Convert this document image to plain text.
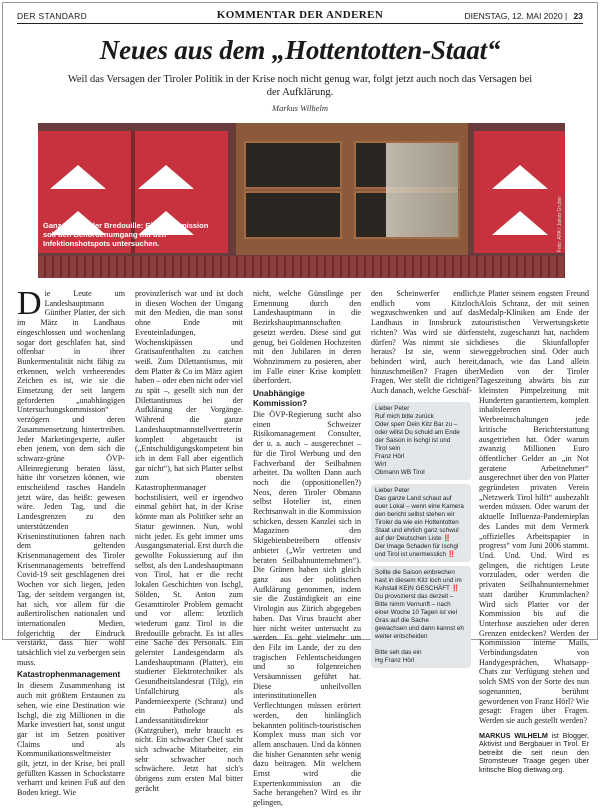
DER STANDARD	KOMMENTAR DER ANDEREN	DIENSTAG, 12. MAI 2020 | 23
Neues aus dem „Hottentotten-Staat“
Weil das Versagen der Tiroler Politik in der Krise noch nicht genug war, folgt jetzt auch noch das Versagen bei der Aufklärung.
Markus Wilhelm
Foto: APA / Jakob Gruber
Ganz Tirol in der Bredouille: Eine Kommission soll den Behördenumgang mit den Infektionshotspots untersuchen.

Die Leute um Landeshauptmann Günther Platter, der sich im März in Landhaus eingeschlossen und wochenlang sogar dort geschlafen hat, sind offenbar in ihrer Bunkermentalität nicht fähig zu erkennen, welch verheerendes Zeichen es ist, wie sie die Einsetzung der seit langem geforderten „unabhängigen Untersuchungskommission“ verzögern und deren Zusammensetzung hintertreiben. Jeder Marketingexperte, außer eben jenem, von dem sich die schwarz-grüne ÖVP-Alleinregierung beraten lässt, hätte ihr vorsetzen können, wie entscheidend rasches Handeln jetzt wäre, das heißt: gewesen wäre. Jeden Tag, und die Landesgrenzen zu den unterstützenden Kriseninstitutionen fahren nach dem geltenden Krisenmanagement des Tiroler Krisenmanagements betreffend Covid-19 seit geschlagenen drei Wochen vor sich liegen, jeden Tag, der seitdem vergangen ist, hat sich, vor allem für die außertirolischen nationalen und internationalen Medien, folgerichtig der Eindruck verstärkt, dass hier wohl tatsächlich viel zu verbergen sein muss.

Katastrophenmanagement

In diesem Zusammenhang ist auch mit größtem Erstaunen zu sehen, wie eine Destination wie Ischgl, die zig Millionen in die Marke investiert hat, sonst ungut gar ist im Setzen positiver Claims und als Kommunikationsweltmeister gilt, jetzt, in der Krise, bei prall gefüllten Kassen in Schockstarre verharrt und keinen Fuß auf den Boden kriegt. Wie

provinzlerisch war und ist doch in diesen Wochen der Umgang mit den Medien, die man sonst ohne Ende mit Eventeinladungen, Wochenskipässen und Gratisaufenthalten zu catchen weiß. Zum Dilettantismus, mit dem Platter & Co im März agiert haben – oder eben nicht oder viel zu spät –, gesellt sich nun der Dilettantismus bei der Aufklärung der Vorgänge. Während die ganze Landeshauptmannstellvertreterin komplett abgetaucht ist („Entschuldigungskompetent bin ich in dem Fall aber eigentlich gar nicht“), hat sich Platter selbst zum obersten Katastrophenmanager hochstilisiert, weil er irgendwo einmal gehört hat, in der Krise könnte man als Politiker sehr an Statur gewinnen. Nun, wohl nicht jeder. Es geht immer ums Ausgangsmaterial. Erst durch die gewollte Fokussierung auf ihn selbst, als den Landeshauptmann von Tirol, hat er die recht lokalen Geschichten von Ischgl, Sölden, St. Anton zum Gesamttiroler Problem gemacht und vor allem: letztlich wiederum ganz Tirol in die Bredouille gebracht. Es ist alles eine Sache des Personals. Ein gelernter Landesgendarm als Landeshauptmann (Platter), ein studierter Elektrotechniker als Gesundheitslandesrat (Tilg), ein Unfallchirurg als Pandemieexperte (Schranz) und ein Pathologe als Landessanitätsdirektor (Katzgruber), mehr braucht es nicht. Ein schwacher Chef sucht sich schwache Mitarbeiter, ein sehr schwacher noch schwächere. Jetzt hat sich's übrigens zum ersten Mal bitter gerächt

nicht, welche Günstlinge per Ernennung durch den Landeshauptmann in die Bezirkshauptmannschaften gesetzt werden. Diese sind gut genug, bei Goldenen Hochzeiten mit den Jubilaren in deren Wohnzimmern zu posieren, aber im Falle einer Krise komplett überfordert.

Unabhängige Kommission?

Die ÖVP-Regierung sucht also einen Schweizer Risikomanagement Consulter, der u. a. auch – ausgerechnet – für die Tirol Werbung und den Fachverband der Seilbahnen arbeitet. Da wollten Dann auch noch die (oppositionellen?) Neos, deren Tiroler Obmann selbst Hotelier ist, einen Rechtsanwalt in die Kommission schicken, dessen Kanzlei sich in Magazinen den Skigebietsbetreibern offensiv anbietet („Wir vertreten und beraten Seilbahnunternehmen“). Die Grünen haben sich gleich ganz aus der politischen Aufklärung genommen, indem sie die Zuständigkeit an eine Virologin aus Zürich abgegeben haben. Das Virus braucht aber hier nicht weiter untersucht zu werden. Es geht vielmehr um den Filz im Lande, der zu den tragischen Fehlentscheidungen und so folgenreichen Versäumnissen geführt hat. Diese unheilvollen interinstitutionellen Verflechtungen müssen erörtert werden, den hinlänglich bekannten politisch-touristischen Komplex muss man sich vor allem anschauen. Und da können die bisher Genannten sehr wenig dazu beitragen. Mit welchem Ernst wird die Expertenkommission an die Sache herangehen? Wird es ihr gelingen,

den Scheinwerfer endlich, endlich vom Kitzloch wegzuschwenken und auf das Landhaus in Innsbruck zu richten? Was wird sie dürfen dürfen? Was nimmt sie sich heraus? Ist sie, wenn sie behindert wird, auch bereit, hinzuschmeißen? Fragen über Fragen. Wer stellt die richtigen? Auch danach, welche Geschäf-

Lieber Peter
Ruf mich bitte zurück
Oder sperr Dein Kitz Bar zu –
oder willst Du schuld am Ende
der Saison in Ischgl ist und
Tirol sein
Franz Hörl
Wirt
Obmann WB Tirol
Lieber Peter
Das ganze Land schaut auf
euer Lokal – wenn eine Kamera
den bericht selbst stehen wir
Tiroler da wie ein Hottentotten
Staat und ehrlich ganz schwul
auf der Deutschen Liste ‼️
Der Image Schaden für Ischgl
und Tirol ist unermesslich ‼️
Sollte die Saison einbrechen
hast in diesem Kitz loch und im
Kuhstall KEIN GESCHÄFT ‼️
Du provozierst das derzeit –
Bitte nimm Vernunft – nach
einer Woche 10 Tagen ist viel
Gras auf die Sache
gewachsen und dann kannst eh
weiter entscheiden

Bitte seh das ein
Hg Franz Hörl

te Platter seinem engsten Freund Alois Schranz, der mit seinen Medalp-Kliniken am Ende der touristischen Verwertungskette steht, zugeschanzt hat, nachdem dieses die Skiunfallopfer weggebrochen sind. Oder auch danach, wie das Land allein Medien von der Tiroler Tageszeitung abwärts bis zur kleinsten Pimpelzeitung mit Hunderten garantiertem, komplett inhaltsleeren Werbeeinschaltungen jede kritische Berichterstattung ausgetrieben hat. Oder warum zwanzig Millionen Euro öffentlicher Gelder an „in Not geratene Arbeitnehmer“ ausgerechnet über den von Platter gegründeten privaten Verein „Netzwerk Tirol hilft“ ausbezahlt werden müssen. Oder warum der aktuelle Influenza-Pandemieplan des Landes mit dem Vermerk „offizielles Arbeitspapier in progress“ vom Juni 2006 stammt. Und. Und. Und. Wird es gelingen, die richtigen Leute vorzuladen, oder werden die privaten Seilbahnunternehmer statt darüber Krummlachen? Wird sich Platter vor der Kommission bis auf die Unterhose ausziehen oder deren Grenzen entdecken? Werden der Kommission interne Mails, Verbindungsdaten von Handygesprächen, Whatsapp-Chats zur Verfügung stehen und solch SMS von der Sorte des nun sogenannten, berühmt gewordenen von Franz Hörl? Wie gesagt: Fragen über Fragen. Werden sie auch gestellt werden?

MARKUS WILHELM ist Blogger, Aktivist und Bergbauer in Tirol. Er betreibt die seit neun den Stromsteuer Traage gegen über kritische Blog dietiwag.org.
